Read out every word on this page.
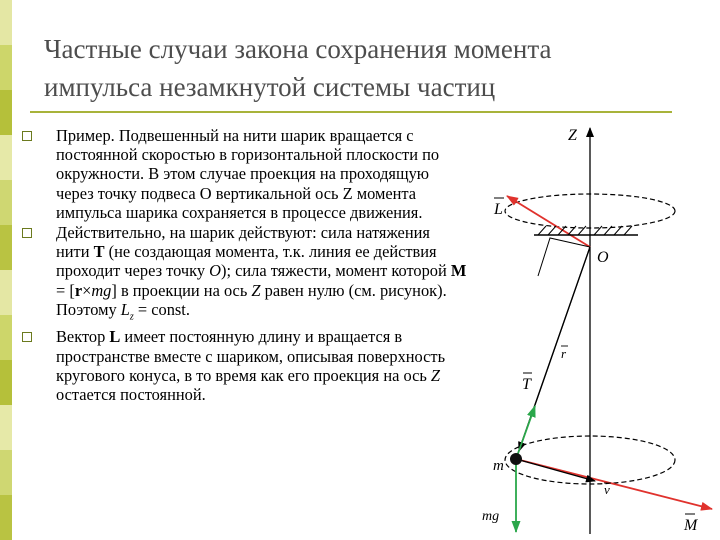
Частные случаи закона сохранения момента
импульса незамкнутой системы частиц
Пример. Подвешенный на нити шарик вращается с постоянной скоростью в горизонтальной плоскости по окружности. В этом случае проекция на проходящую через точку подвеса O вертикальной ось Z момента импульса шарика сохраняется в процессе движения.
Действительно, на шарик действуют: сила натяжения нити T (не создающая момента, т.к. линия ее действия проходит через точку O); сила тяжести, момент которой M = [r×mg] в проекции на ось Z равен нулю (см. рисунок). Поэтому $L_z$ = const.
Вектор L имеет постоянную длину и вращается в пространстве вместе с шариком, описывая поверхность кругового конуса, в то время как его проекция на ось Z остается постоянной.
Z
L
O
r
T
v
mg
m
M
